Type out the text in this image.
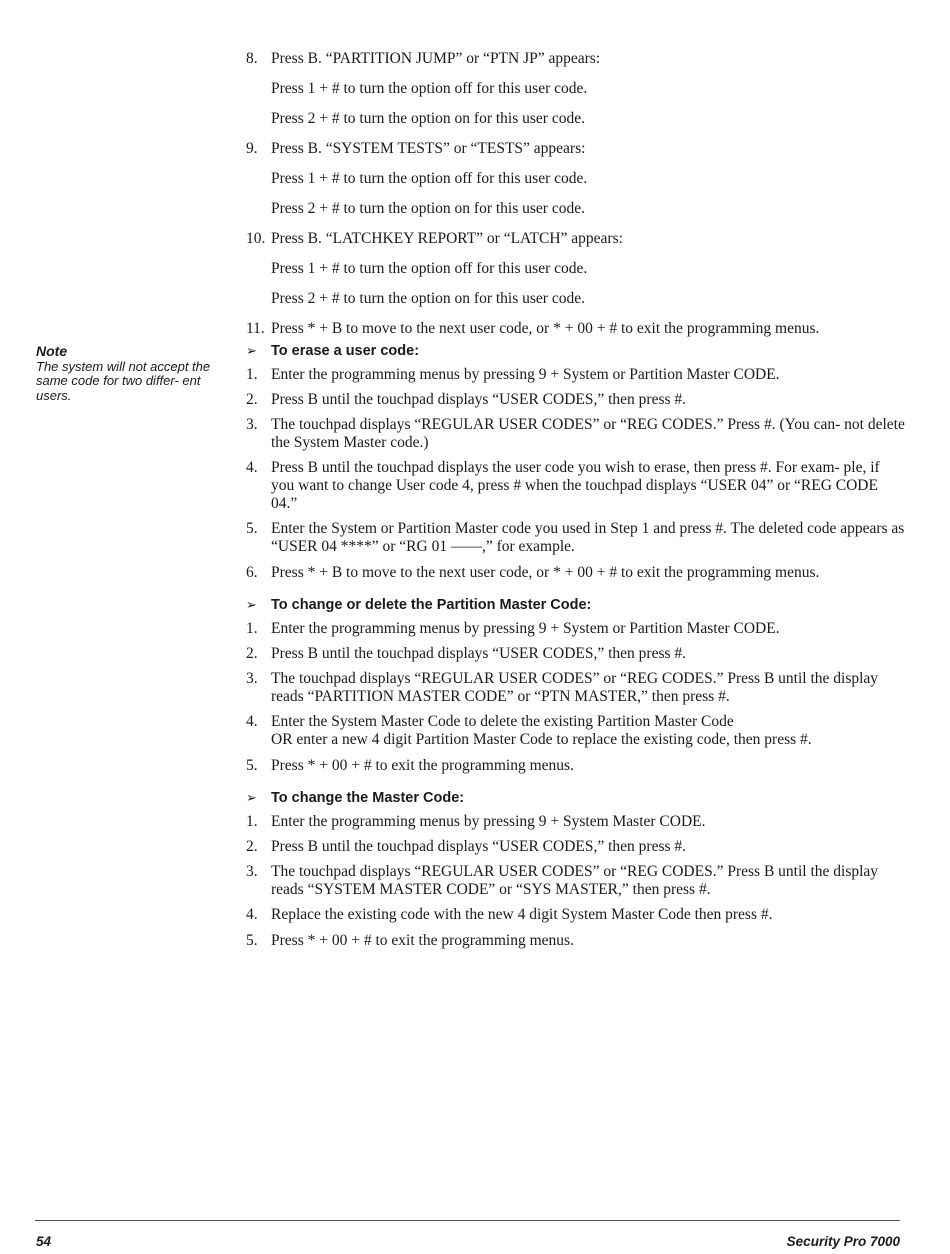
Note
The system will not accept the same code for two differ- ent users.
8. Press B. “PARTITION JUMP” or “PTN JP” appears:
Press 1 + # to turn the option off for this user code.
Press 2 + # to turn the option on for this user code.
9. Press B. “SYSTEM TESTS” or “TESTS” appears:
Press 1 + # to turn the option off for this user code.
Press 2 + # to turn the option on for this user code.
10. Press B. “LATCHKEY REPORT” or “LATCH” appears:
Press 1 + # to turn the option off for this user code.
Press 2 + # to turn the option on for this user code.
11. Press * + B to move to the next user code, or * + 00 + # to exit the programming menus.
➢ To erase a user code:
1. Enter the programming menus by pressing 9 + System or Partition Master CODE.
2. Press B until the touchpad displays “USER CODES,” then press #.
3. The touchpad displays “REGULAR USER CODES” or “REG CODES.” Press #. (You can- not delete the System Master code.)
4. Press B until the touchpad displays the user code you wish to erase, then press #. For exam- ple, if you want to change User code 4, press # when the touchpad displays “USER 04” or “REG CODE 04.”
5. Enter the System or Partition Master code you used in Step 1 and press #. The deleted code appears as “USER 04 ****” or “RG 01 ——,” for example.
6. Press * + B to move to the next user code, or * + 00 + # to exit the programming menus.
➢ To change or delete the Partition Master Code:
1. Enter the programming menus by pressing 9 + System or Partition Master CODE.
2. Press B until the touchpad displays “USER CODES,” then press #.
3. The touchpad displays “REGULAR USER CODES” or “REG CODES.” Press B until the display reads “PARTITION MASTER CODE” or “PTN MASTER,” then press #.
4. Enter the System Master Code to delete the existing Partition Master Code
OR enter a new 4 digit Partition Master Code to replace the existing code, then press #.
5. Press * + 00 + # to exit the programming menus.
➢ To change the Master Code:
1. Enter the programming menus by pressing 9 + System Master CODE.
2. Press B until the touchpad displays “USER CODES,” then press #.
3. The touchpad displays “REGULAR USER CODES” or “REG CODES.” Press B until the display reads “SYSTEM MASTER CODE” or “SYS MASTER,” then press #.
4. Replace the existing code with the new 4 digit System Master Code then press #.
5. Press * + 00 + # to exit the programming menus.
54	Security Pro 7000
